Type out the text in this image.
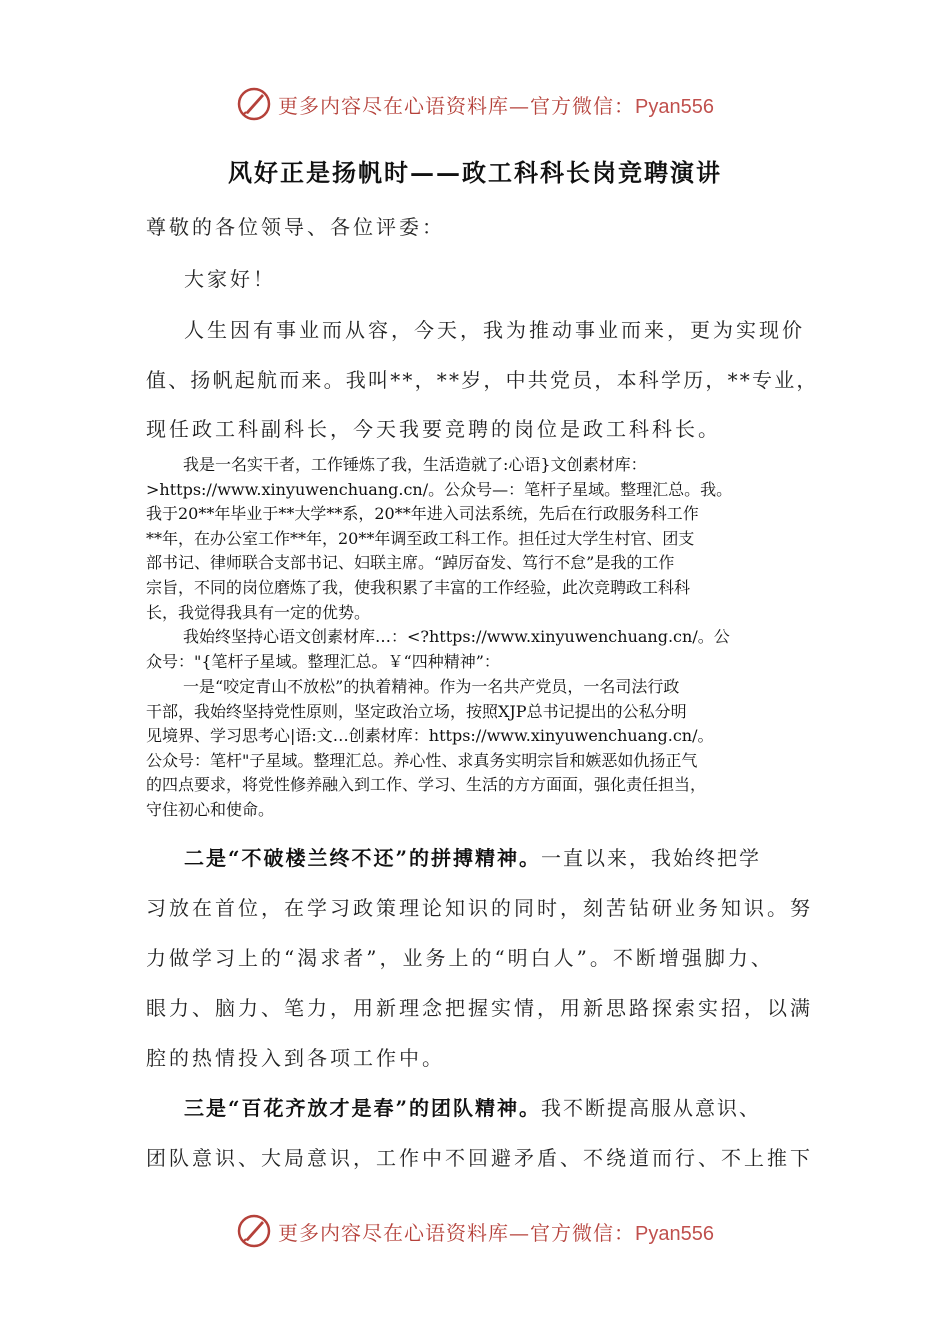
更多内容尽在心语资料库—官方微信：Pyan556
风好正是扬帆时——政工科科长岗竞聘演讲
尊敬的各位领导、各位评委：
大家好！
人生因有事业而从容，今天，我为推动事业而来，更为实现价
值、扬帆起航而来。我叫**，**岁，中共党员，本科学历，**专业，
现任政工科副科长，今天我要竞聘的岗位是政工科科长。

我是一名实干者，工作锤炼了我，生活造就了:心语}文创素材库：

>https://www.xinyuwenchuang.cn/。公众号—：笔杆子星域。整理汇总。我。

我于20**年毕业于**大学**系，20**年进入司法系统，先后在行政服务科工作

**年，在办公室工作**年，20**年调至政工科工作。担任过大学生村官、团支

部书记、律师联合支部书记、妇联主席。“踔厉奋发、笃行不怠”是我的工作

宗旨，不同的岗位磨炼了我，使我积累了丰富的工作经验，此次竞聘政工科科

长，我觉得我具有一定的优势。

我始终坚持心语文创素材库…：<?https://www.xinyuwenchuang.cn/。公

众号："{笔杆子星域。整理汇总。￥“四种精神”：

一是“咬定青山不放松”的执着精神。作为一名共产党员，一名司法行政

干部，我始终坚持党性原则，坚定政治立场，按照XJP总书记提出的公私分明

见境界、学习思考心|语:文…创素材库：https://www.xinyuwenchuang.cn/。

公众号：笔杆"子星域。整理汇总。养心性、求真务实明宗旨和嫉恶如仇扬正气

的四点要求，将党性修养融入到工作、学习、生活的方方面面，强化责任担当，

守住初心和使命。

二是“不破楼兰终不还”的拼搏精神。一直以来，我始终把学
习放在首位，在学习政策理论知识的同时，刻苦钻研业务知识。努
力做学习上的“渴求者”，业务上的“明白人”。不断增强脚力、
眼力、脑力、笔力，用新理念把握实情，用新思路探索实招，以满
腔的热情投入到各项工作中。
三是“百花齐放才是春”的团队精神。我不断提高服从意识、
团队意识、大局意识，工作中不回避矛盾、不绕道而行、不上推下
更多内容尽在心语资料库—官方微信：Pyan556
